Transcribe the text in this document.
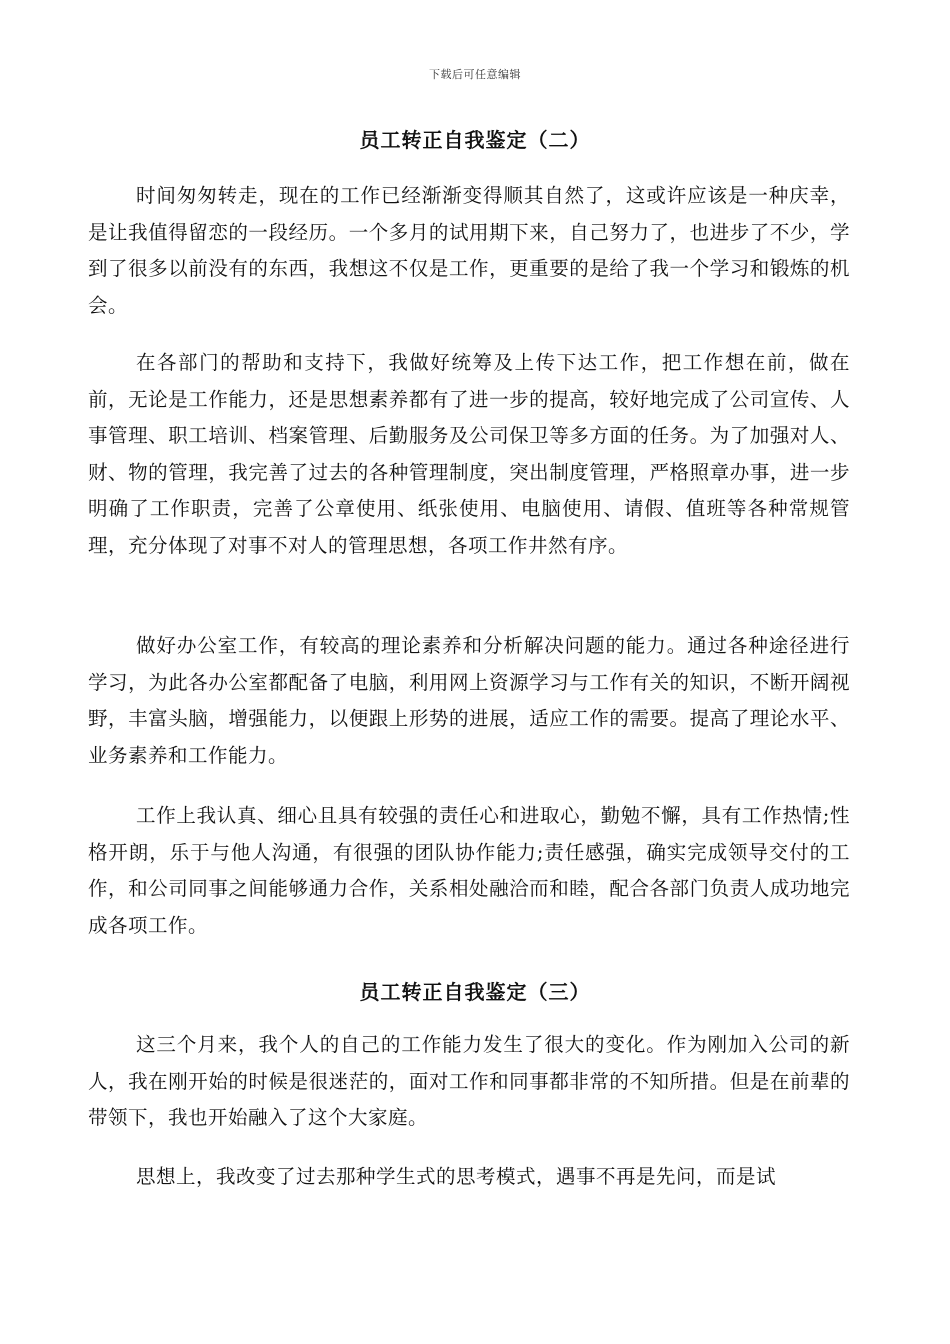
下载后可任意编辑
员工转正自我鉴定（二）
时间匆匆转走，现在的工作已经渐渐变得顺其自然了，这或许应该是一种庆幸，是让我值得留恋的一段经历。一个多月的试用期下来，自己努力了，也进步了不少，学到了很多以前没有的东西，我想这不仅是工作，更重要的是给了我一个学习和锻炼的机会。
在各部门的帮助和支持下，我做好统筹及上传下达工作，把工作想在前，做在前，无论是工作能力，还是思想素养都有了进一步的提高，较好地完成了公司宣传、人事管理、职工培训、档案管理、后勤服务及公司保卫等多方面的任务。为了加强对人、财、物的管理，我完善了过去的各种管理制度，突出制度管理，严格照章办事，进一步明确了工作职责，完善了公章使用、纸张使用、电脑使用、请假、值班等各种常规管理，充分体现了对事不对人的管理思想，各项工作井然有序。
做好办公室工作，有较高的理论素养和分析解决问题的能力。通过各种途径进行学习，为此各办公室都配备了电脑，利用网上资源学习与工作有关的知识，不断开阔视野，丰富头脑，增强能力，以便跟上形势的进展，适应工作的需要。提高了理论水平、业务素养和工作能力。
工作上我认真、细心且具有较强的责任心和进取心，勤勉不懈，具有工作热情;性格开朗，乐于与他人沟通，有很强的团队协作能力;责任感强，确实完成领导交付的工作，和公司同事之间能够通力合作，关系相处融洽而和睦，配合各部门负责人成功地完成各项工作。
员工转正自我鉴定（三）
这三个月来，我个人的自己的工作能力发生了很大的变化。作为刚加入公司的新人，我在刚开始的时候是很迷茫的，面对工作和同事都非常的不知所措。但是在前辈的带领下，我也开始融入了这个大家庭。
思想上，我改变了过去那种学生式的思考模式，遇事不再是先问，而是试
